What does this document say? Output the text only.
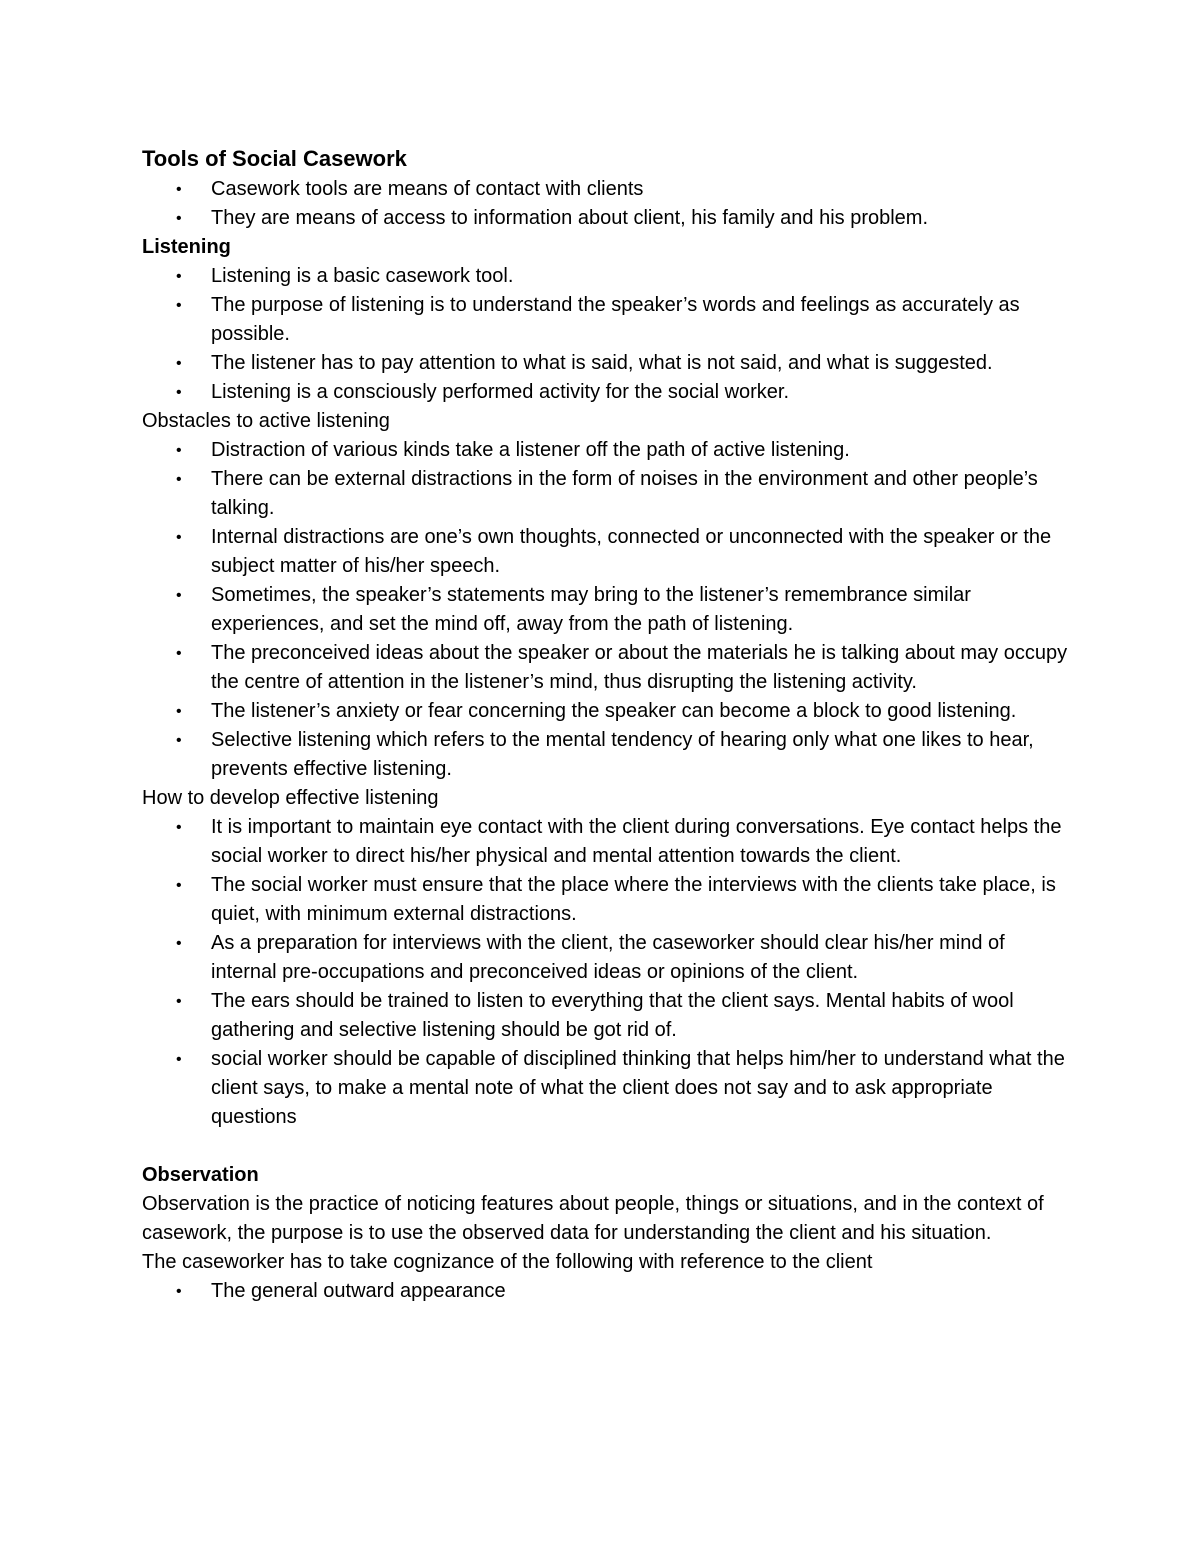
Tools of Social Casework
• Casework tools are means of contact with clients
• They are means of access to information about client, his family and his problem.

Listening

• Listening is a basic casework tool.
• The purpose of listening is to understand the speaker’s words and feelings as accurately as possible.
• The listener has to pay attention to what is said, what is not said, and what is suggested.
• Listening is a consciously performed activity for the social worker.

Obstacles to active listening

• Distraction of various kinds take a listener off the path of active listening.
• There can be external distractions in the form of noises in the environment and other people’s talking.
• Internal distractions are one’s own thoughts, connected or unconnected with the speaker or the subject matter of his/her speech.
• Sometimes, the speaker’s statements may bring to the listener’s remembrance similar experiences, and set the mind off, away from the path of listening.
• The preconceived ideas about the speaker or about the materials he is talking about may occupy the centre of attention in the listener’s mind, thus disrupting the listening activity.
• The listener’s anxiety or fear concerning the speaker can become a block to good listening.
• Selective listening which refers to the mental tendency of hearing only what one likes to hear, prevents effective listening.

How to develop effective listening

• It is important to maintain eye contact with the client during conversations. Eye contact helps the social worker to direct his/her physical and mental attention towards the client.
• The social worker must ensure that the place where the interviews with the clients take place, is quiet, with minimum external distractions.
• As a preparation for interviews with the client, the caseworker should clear his/her mind of internal pre-occupations and preconceived ideas or opinions of the client.
• The ears should be trained to listen to everything that the client says. Mental habits of wool gathering and selective listening should be got rid of.
• social worker should be capable of disciplined thinking that helps him/her to understand what the client says, to make a mental note of what the client does not say and to ask appropriate questions

Observation

Observation is the practice of noticing features about people, things or situations, and in the context of casework, the purpose is to use the observed data for understanding the client and his situation.

The caseworker has to take cognizance of the following with reference to the client

• The general outward appearance
